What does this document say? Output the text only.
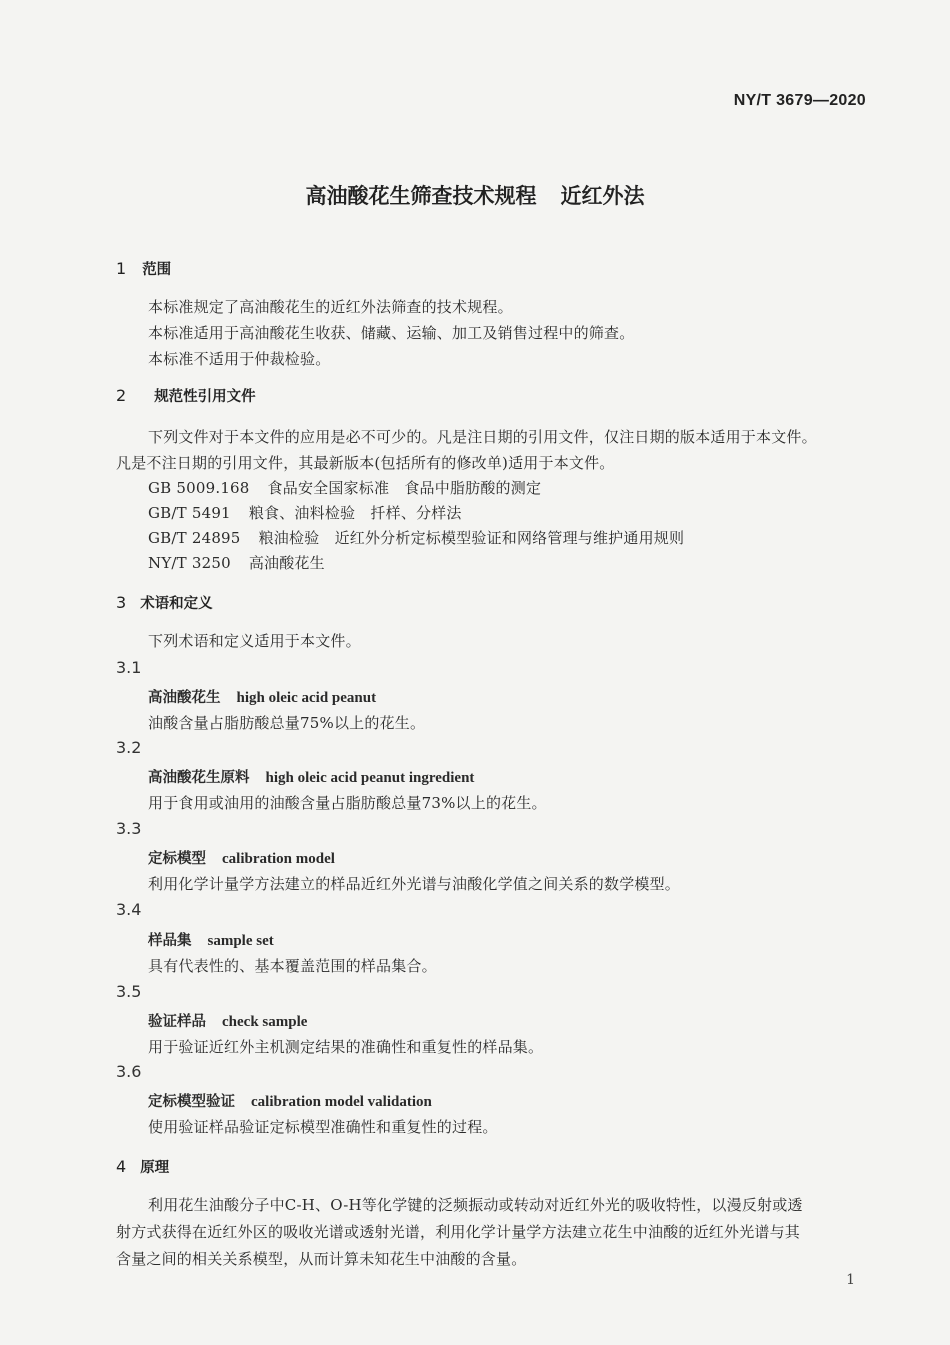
NY/T 3679—2020
高油酸花生筛查技术规程 近红外法
1 范围
本标准规定了高油酸花生的近红外法筛查的技术规程。
本标准适用于高油酸花生收获、储藏、运输、加工及销售过程中的筛查。
本标准不适用于仲裁检验。
2 规范性引用文件
下列文件对于本文件的应用是必不可少的。凡是注日期的引用文件，仅注日期的版本适用于本文件。
凡是不注日期的引用文件，其最新版本(包括所有的修改单)适用于本文件。
GB 5009.168 食品安全国家标准　食品中脂肪酸的测定
GB/T 5491 粮食、油料检验　扦样、分样法
GB/T 24895 粮油检验　近红外分析定标模型验证和网络管理与维护通用规则
NY/T 3250 高油酸花生
3 术语和定义
下列术语和定义适用于本文件。
3.1
高油酸花生 high oleic acid peanut
油酸含量占脂肪酸总量75%以上的花生。
3.2
高油酸花生原料 high oleic acid peanut ingredient
用于食用或油用的油酸含量占脂肪酸总量73%以上的花生。
3.3
定标模型 calibration model
利用化学计量学方法建立的样品近红外光谱与油酸化学值之间关系的数学模型。
3.4
样品集 sample set
具有代表性的、基本覆盖范围的样品集合。
3.5
验证样品 check sample
用于验证近红外主机测定结果的准确性和重复性的样品集。
3.6
定标模型验证 calibration model validation
使用验证样品验证定标模型准确性和重复性的过程。
4 原理
利用花生油酸分子中C-H、O-H等化学键的泛频振动或转动对近红外光的吸收特性，以漫反射或透
射方式获得在近红外区的吸收光谱或透射光谱，利用化学计量学方法建立花生中油酸的近红外光谱与其
含量之间的相关关系模型，从而计算未知花生中油酸的含量。
1
